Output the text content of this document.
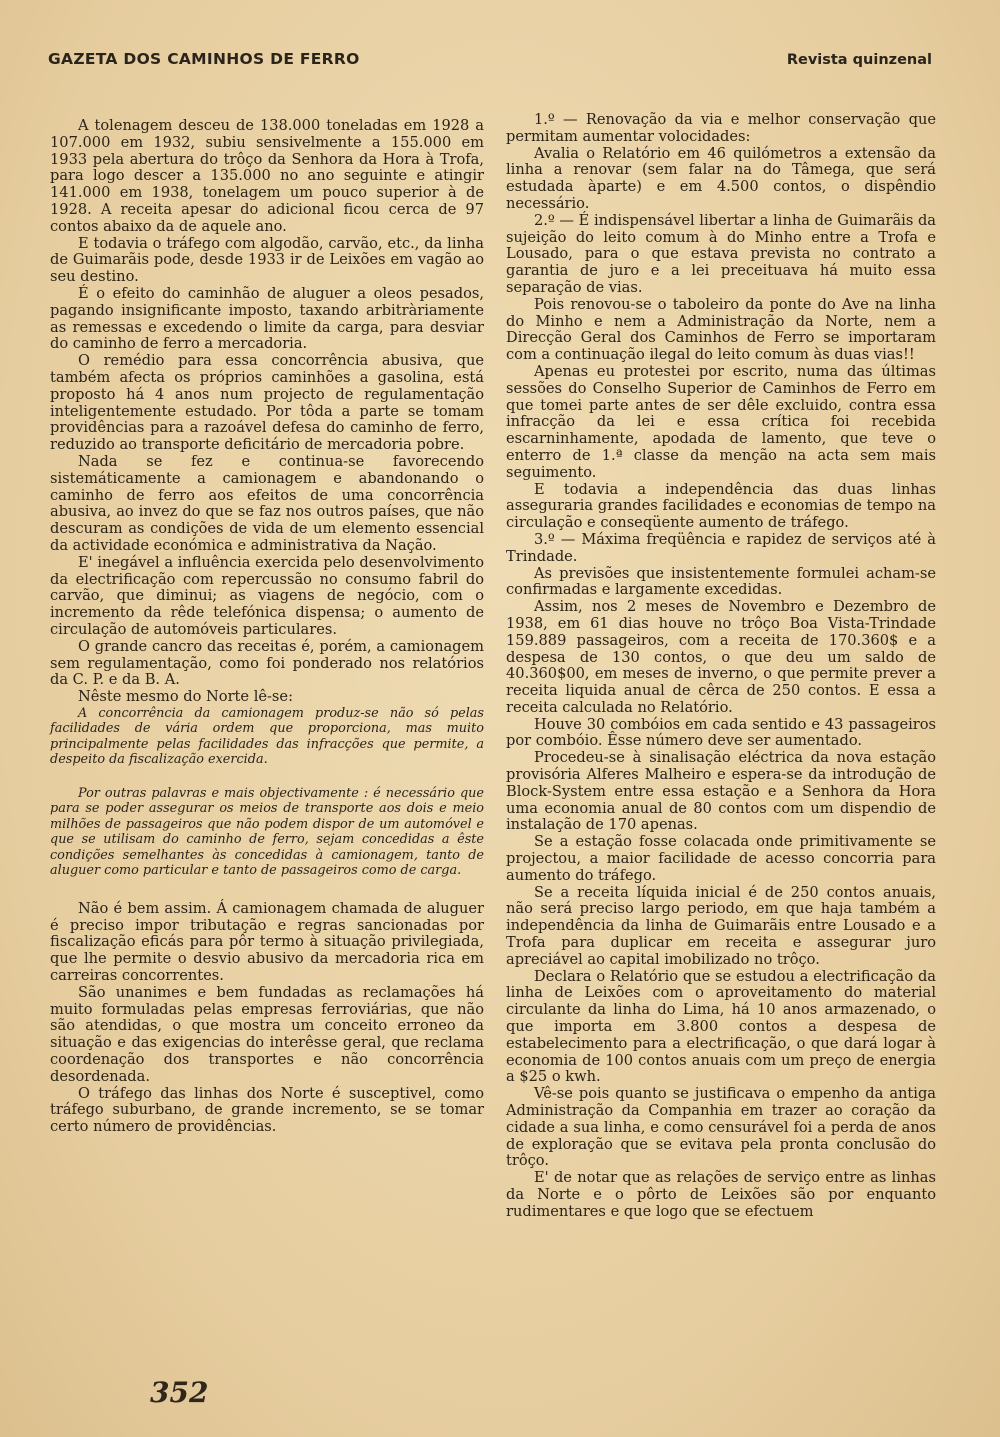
GAZETA DOS CAMINHOS DE FERRO	Revista quinzenal

A tolenagem desceu de 138.000 toneladas em 1928 a 107.000 em 1932, subiu sensivelmente a 155.000 em 1933 pela abertura do trôço da Senhora da Hora à Trofa, para logo descer a 135.000 no ano seguinte e atingir 141.000 em 1938, tonelagem um pouco superior à de 1928. A receita apesar do adicional ficou cerca de 97 contos abaixo da de aquele ano.

E todavia o tráfego com algodão, carvão, etc., da linha de Guimarãis pode, desde 1933 ir de Leixões em vagão ao seu destino.

É o efeito do caminhão de aluguer a oleos pesados, pagando insignificante imposto, taxando arbitràriamente as remessas e excedendo o limite da carga, para desviar do caminho de ferro a mercadoria.

O remédio para essa concorrência abusiva, que também afecta os próprios caminhões a gasolina, está proposto há 4 anos num projecto de regulamentação inteligentemente estudado. Por tôda a parte se tomam providências para a razoável defesa do caminho de ferro, reduzido ao transporte deficitário de mercadoria pobre.

Nada se fez e continua-se favorecendo sistemáticamente a camionagem e abandonando o caminho de ferro aos efeitos de uma concorrência abusiva, ao invez do que se faz nos outros países, que não descuram as condições de vida de um elemento essencial da actividade económica e administrativa da Nação.

E' inegável a influência exercida pelo desenvolvimento da electrificação com repercussão no consumo fabril do carvão, que diminui; as viagens de negócio, com o incremento da rêde telefónica dispensa; o aumento de circulação de automóveis particulares.

O grande cancro das receitas é, porém, a camionagem sem regulamentação, como foi ponderado nos relatórios da C. P. e da B. A.

Nêste mesmo do Norte lê-se:

A concorrência da camionagem produz-se não só pelas facilidades de vária ordem que proporciona, mas muito principalmente pelas facilidades das infracções que permite, a despeito da fiscalização exercida.

Por outras palavras e mais objectivamente : é necessário que para se poder assegurar os meios de transporte aos dois e meio milhões de passageiros que não podem dispor de um automóvel e que se utilisam do caminho de ferro, sejam concedidas a êste condições semelhantes às concedidas à camionagem, tanto de aluguer como particular e tanto de passageiros como de carga.

Não é bem assim. Á camionagem chamada de aluguer é preciso impor tributação e regras sancionadas por fiscalização eficás para pôr termo à situação privilegiada, que lhe permite o desvio abusivo da mercadoria rica em carreiras concorrentes.

São unanimes e bem fundadas as reclamações há muito formuladas pelas empresas ferroviárias, que não são atendidas, o que mostra um conceito erroneo da situação e das exigencias do interêsse geral, que reclama coordenação dos transportes e não concorrência desordenada.

O tráfego das linhas dos Norte é susceptivel, como tráfego suburbano, de grande incremento, se se tomar certo número de providências.

1.º — Renovação da via e melhor conservação que permitam aumentar volocidades:

Avalia o Relatório em 46 quilómetros a extensão da linha a renovar (sem falar na do Tâmega, que será estudada àparte) e em 4.500 contos, o dispêndio necessário.

2.º — É indispensável libertar a linha de Guimarãis da sujeição do leito comum à do Minho entre a Trofa e Lousado, para o que estava prevista no contrato a garantia de juro e a lei preceituava há muito essa separação de vias.

Pois renovou-se o taboleiro da ponte do Ave na linha do Minho e nem a Administração da Norte, nem a Direcção Geral dos Caminhos de Ferro se importaram com a continuação ilegal do leito comum às duas vias!!

Apenas eu protestei por escrito, numa das últimas sessões do Conselho Superior de Caminhos de Ferro em que tomei parte antes de ser dêle excluido, contra essa infracção da lei e essa crítica foi recebida escarninhamente, apodada de lamento, que teve o enterro de 1.ª classe da menção na acta sem mais seguimento.

E todavia a independência das duas linhas asseguraria grandes facilidades e economias de tempo na circulação e conseqüente aumento de tráfego.

3.º — Máxima freqüência e rapidez de serviços até à Trindade.

As previsões que insistentemente formulei acham-se confirmadas e largamente excedidas.

Assim, nos 2 meses de Novembro e Dezembro de 1938, em 61 dias houve no trôço Boa Vista-Trindade 159.889 passageiros, com a receita de 170.360$ e a despesa de 130 contos, o que deu um saldo de 40.360$00, em meses de inverno, o que permite prever a receita liquida anual de cêrca de 250 contos. E essa a receita calculada no Relatório.

Houve 30 combóios em cada sentido e 43 passageiros por combóio. Êsse número deve ser aumentado.

Procedeu-se à sinalisação eléctrica da nova estação provisória Alferes Malheiro e espera-se da introdução de Block-System entre essa estação e a Senhora da Hora uma economia anual de 80 contos com um dispendio de instalação de 170 apenas.

Se a estação fosse colacada onde primitivamente se projectou, a maior facilidade de acesso concorria para aumento do tráfego.

Se a receita líquida inicial é de 250 contos anuais, não será preciso largo periodo, em que haja também a independência da linha de Guimarãis entre Lousado e a Trofa para duplicar em receita e assegurar juro apreciável ao capital imobilizado no trôço.

Declara o Relatório que se estudou a electrificação da linha de Leixões com o aproveitamento do material circulante da linha do Lima, há 10 anos armazenado, o que importa em 3.800 contos a despesa de estabelecimento para a electrificação, o que dará logar à economia de 100 contos anuais com um preço de energia a $25 o kwh.

Vê-se pois quanto se justificava o empenho da antiga Administração da Companhia em trazer ao coração da cidade a sua linha, e como censurável foi a perda de anos de exploração que se evitava pela pronta conclusão do trôço.

E' de notar que as relações de serviço entre as linhas da Norte e o pôrto de Leixões são por enquanto rudimentares e que logo que se efectuem

352
